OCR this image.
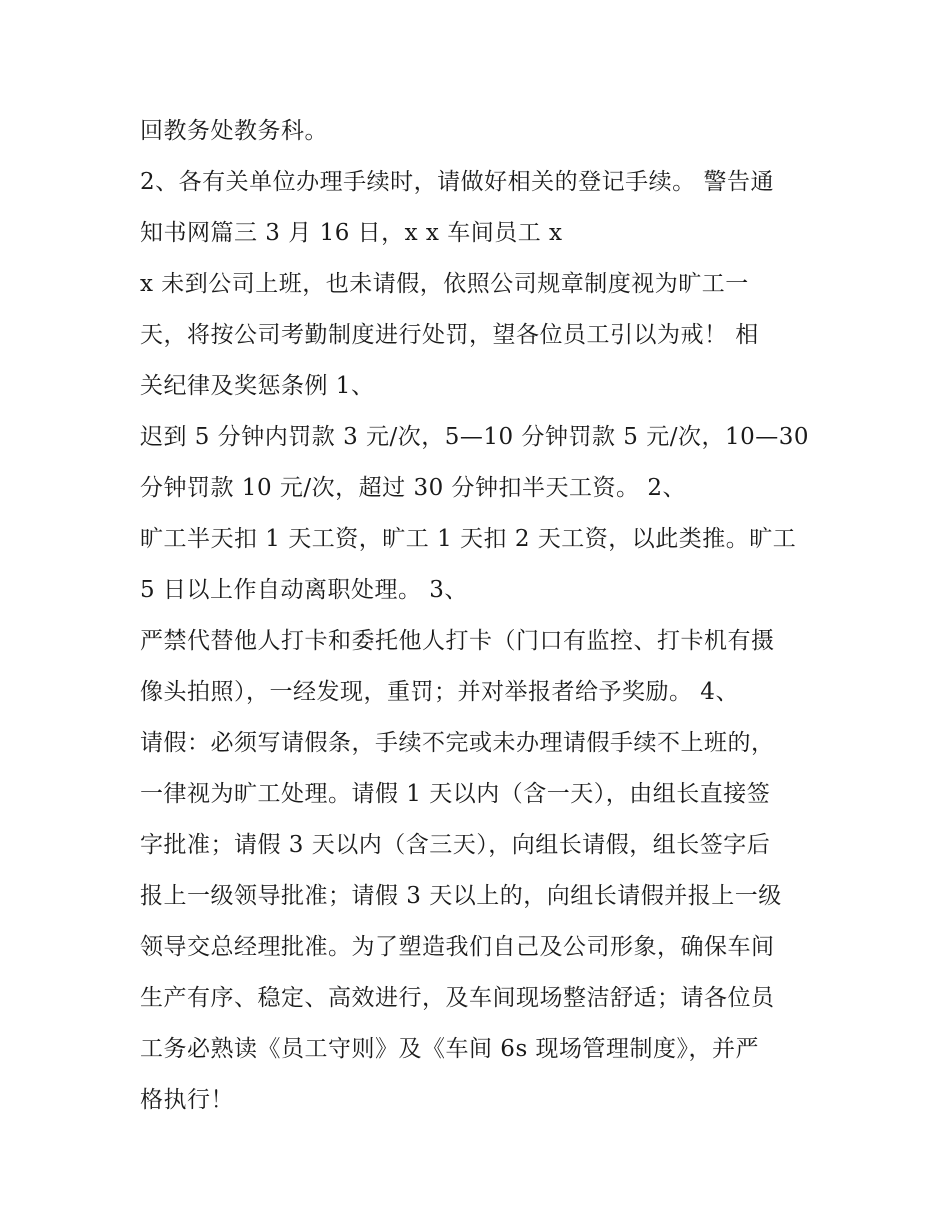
回教务处教务科。
2、各有关单位办理手续时，请做好相关的登记手续。 警告通
知书网篇三 3 月 16 日，x x 车间员工 x
x 未到公司上班，也未请假，依照公司规章制度视为旷工一
天，将按公司考勤制度进行处罚，望各位员工引以为戒！ 相
关纪律及奖惩条例 1、
迟到 5 分钟内罚款 3 元/次，5—10 分钟罚款 5 元/次，10—30
分钟罚款 10 元/次，超过 30 分钟扣半天工资。 2、
旷工半天扣 1 天工资，旷工 1 天扣 2 天工资，以此类推。旷工
5 日以上作自动离职处理。 3、
严禁代替他人打卡和委托他人打卡（门口有监控、打卡机有摄
像头拍照），一经发现，重罚；并对举报者给予奖励。 4、
请假：必须写请假条，手续不完或未办理请假手续不上班的，
一律视为旷工处理。请假 1 天以内（含一天），由组长直接签
字批准；请假 3 天以内（含三天），向组长请假，组长签字后
报上一级领导批准；请假 3 天以上的，向组长请假并报上一级
领导交总经理批准。为了塑造我们自己及公司形象，确保车间
生产有序、稳定、高效进行，及车间现场整洁舒适；请各位员
工务必熟读《员工守则》及《车间 6s 现场管理制度》，并严
格执行！
